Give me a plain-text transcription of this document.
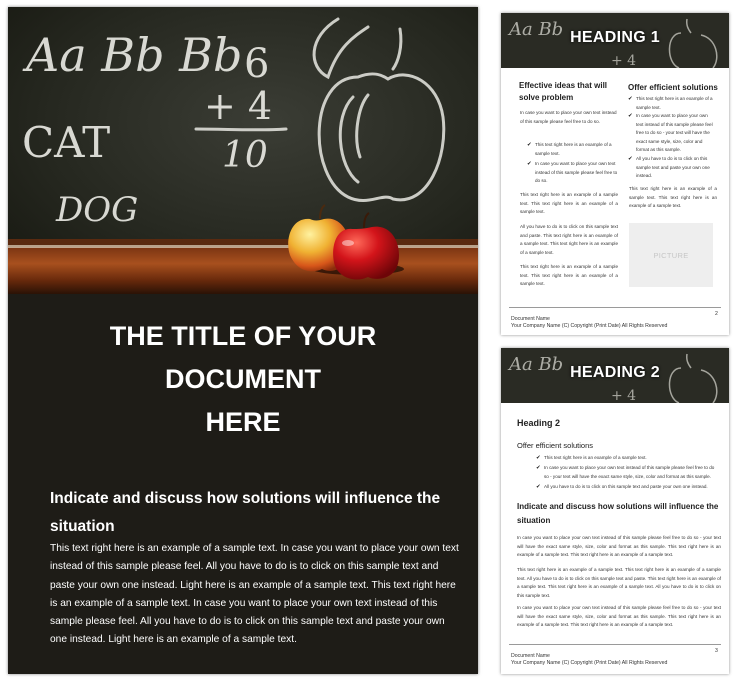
Aa Bb Bb
CAT
DOG
6
+ 4
10
THE TITLE OF YOUR
DOCUMENT
HERE
Indicate and discuss how solutions will influence the situation
This text right here is an example of a sample text. In case you want to place your own text instead of this sample please feel. All you have to do is to click on this sample text and paste your own one instead. Light here is an example of a sample text. This text right here is an example of a sample text. In case you want to place your own text instead of this sample please feel. All you have to do is to click on this sample text and paste your own one instead. Light here is an example of a sample text.
Aa Bb
+ 4
HEADING 1
Effective ideas that will solve problem
In case you want to place your own text instead of this sample please feel free to do so.
✔ This text right here is an example of a sample text.
✔ In case you want to place your own text instead of this sample please feel free to do so.
This text right here is an example of a sample text. This text right here is an example of a sample text.
All you have to do is to click on this sample text and paste. This text right here is an example of a sample text. This text right here is an example of a sample text.
This text right here is an example of a sample text. This text right here is an example of a sample text.
Offer efficient solutions
✔ This text right here is an example of a sample text.
✔ In case you want to place your own text instead of this sample please feel free to do so - your text will have the exact same style, size, color and format as this sample.
✔ All you have to do is to click on this sample text and paste your own one instead.
This text right here is an example of a sample text. This text right here is an example of a sample text.
PICTURE
2
Document Name
Your Company Name (C) Copyright (Print Date) All Rights Reserved
Aa Bb
+ 4
HEADING 2
Heading 2
Offer efficient solutions
✔ This text right here is an example of a sample text.
✔ In case you want to place your own text instead of this sample please feel free to do so - your text will have the exact same style, size, color and format as this sample.
✔ All you have to do is to click on this sample text and paste your own one instead.
Indicate and discuss how solutions will influence the situation
In case you want to place your own text instead of this sample please feel free to do so - your text will have the exact same style, size, color and format as this sample. This text right here is an example of a sample text. This text right here is an example of a sample text.
This text right here is an example of a sample text. This text right here is an example of a sample text. All you have to do is to click on this sample text and paste. This text right here is an example of a sample text. This text right here is an example of a sample text. All you have to do is to click on this sample text.
In case you want to place your own text instead of this sample please feel free to do so - your text will have the exact same style, size, color and format as this sample. This text right here is an example of a sample text. This text right here is an example of a sample text.
3
Document Name
Your Company Name (C) Copyright (Print Date) All Rights Reserved
